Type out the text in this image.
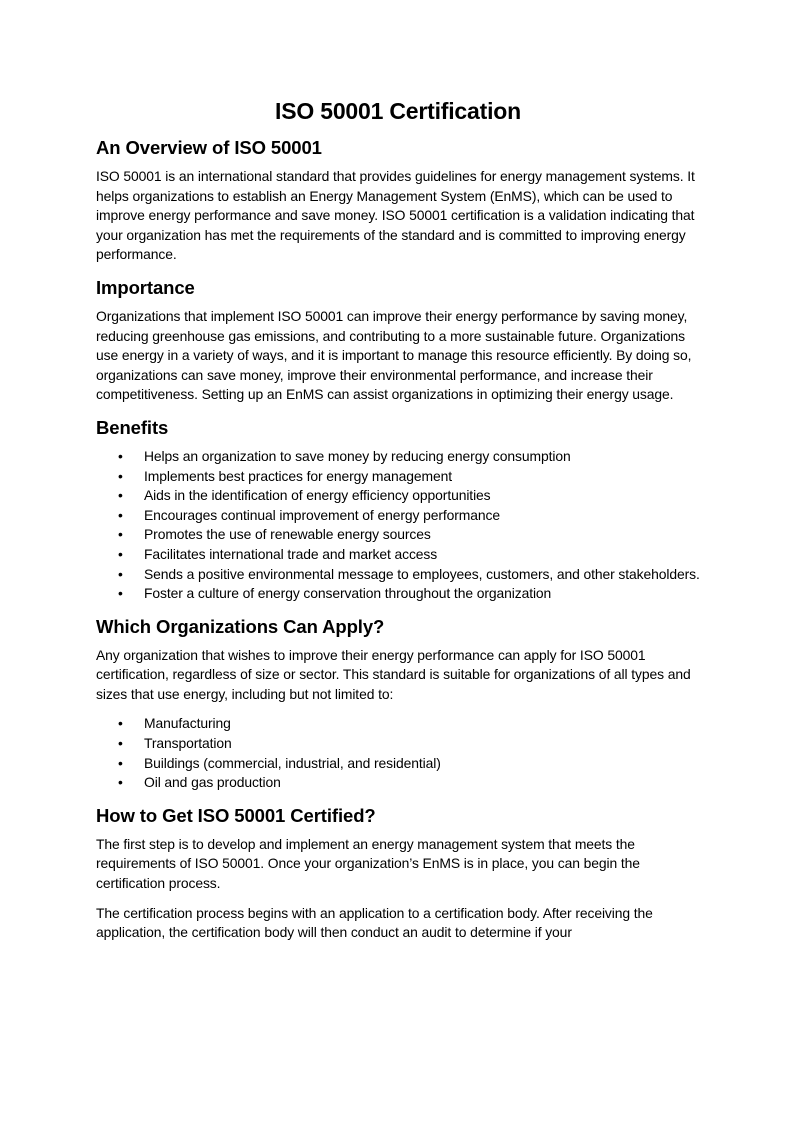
ISO 50001 Certification
An Overview of ISO 50001

ISO 50001 is an international standard that provides guidelines for energy management systems. It helps organizations to establish an Energy Management System (EnMS), which can be used to improve energy performance and save money. ISO 50001 certification is a validation indicating that your organization has met the requirements of the standard and is committed to improving energy performance.

Importance

Organizations that implement ISO 50001 can improve their energy performance by saving money, reducing greenhouse gas emissions, and contributing to a more sustainable future. Organizations use energy in a variety of ways, and it is important to manage this resource efficiently. By doing so, organizations can save money, improve their environmental performance, and increase their competitiveness. Setting up an EnMS can assist organizations in optimizing their energy usage.

Benefits
• Helps an organization to save money by reducing energy consumption
• Implements best practices for energy management
• Aids in the identification of energy efficiency opportunities
• Encourages continual improvement of energy performance
• Promotes the use of renewable energy sources
• Facilitates international trade and market access
• Sends a positive environmental message to employees, customers, and other stakeholders.
• Foster a culture of energy conservation throughout the organization
Which Organizations Can Apply?

Any organization that wishes to improve their energy performance can apply for ISO 50001 certification, regardless of size or sector. This standard is suitable for organizations of all types and sizes that use energy, including but not limited to:

• Manufacturing
• Transportation
• Buildings (commercial, industrial, and residential)
• Oil and gas production
How to Get ISO 50001 Certified?

The first step is to develop and implement an energy management system that meets the requirements of ISO 50001. Once your organization’s EnMS is in place, you can begin the certification process.

The certification process begins with an application to a certification body. After receiving the application, the certification body will then conduct an audit to determine if your
